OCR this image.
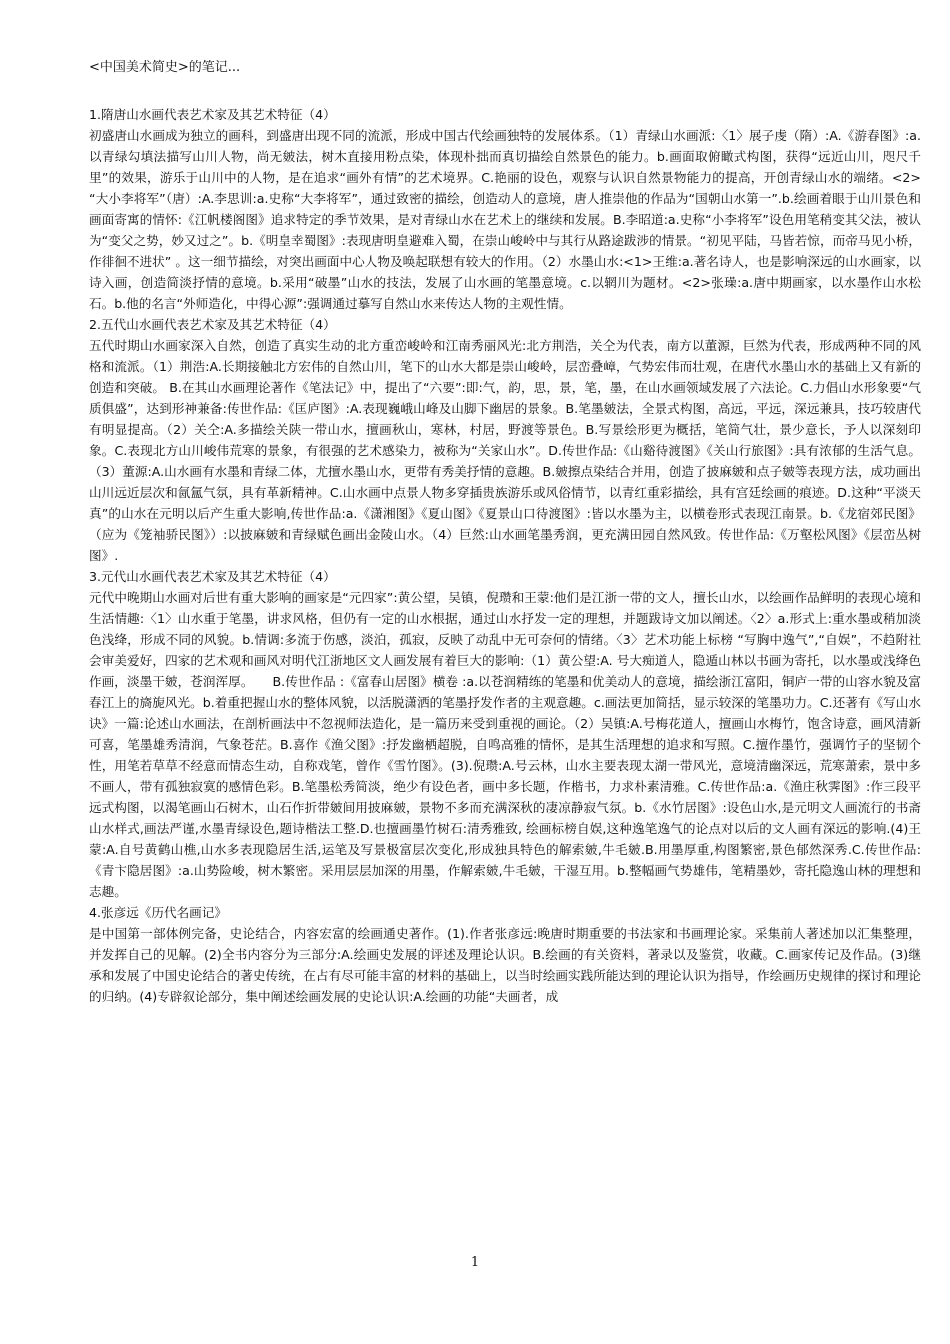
<中国美术简史>的笔记...
1.隋唐山水画代表艺术家及其艺术特征（4）
初盛唐山水画成为独立的画科，到盛唐出现不同的流派，形成中国古代绘画独特的发展体系。（1）青绿山水画派:〈1〉展子虔（隋）:A.《游春图》:a.以青绿勾填法描写山川人物，尚无皴法，树木直接用粉点染，体现朴拙而真切描绘自然景色的能力。b.画面取俯瞰式构图，获得“远近山川，咫尺千里”的效果，游乐于山川中的人物，是在追求“画外有情”的艺术境界。C.艳丽的设色，观察与认识自然景物能力的提高，开创青绿山水的端绪。<2> “大小李将军”（唐）:A.李思训:a.史称“大李将军”，通过致密的描绘，创造动人的意境，唐人推崇他的作品为“国朝山水第一”.b.绘画着眼于山川景色和画面寄寓的情怀:《江帆楼阁图》追求特定的季节效果，是对青绿山水在艺术上的继续和发展。B.李昭道:a.史称“小李将军”设色用笔稍变其父法，被认为“变父之势，妙又过之”。b.《明皇幸蜀图》:表现唐明皇避难入蜀，在崇山峻岭中与其行从路途跋涉的情景。“初见平陆，马皆若惊，而帝马见小桥，作徘徊不进状” 。这一细节描绘，对突出画面中心人物及唤起联想有较大的作用。（2）水墨山水:<1>王维:a.著名诗人，也是影响深远的山水画家，以诗入画，创造简淡抒情的意境。b.采用“破墨”山水的技法，发展了山水画的笔墨意境。c.以辋川为题材。<2>张璪:a.唐中期画家，以水墨作山水松石。b.他的名言“外师造化，中得心源”:强调通过摹写自然山水来传达人物的主观性情。
2.五代山水画代表艺术家及其艺术特征（4）
五代时期山水画家深入自然，创造了真实生动的北方重峦峻岭和江南秀丽风光:北方荆浩，关仝为代表，南方以董源，巨然为代表，形成两种不同的风格和流派。（1）荆浩:A.长期接触北方宏伟的自然山川，笔下的山水大都是崇山峻岭，层峦叠嶂，气势宏伟而壮观，在唐代水墨山水的基础上又有新的创造和突破。 B.在其山水画理论著作《笔法记》中，提出了“六要”:即:气，韵，思，景，笔，墨，在山水画领域发展了六法论。C.力倡山水形象要“气质俱盛”，达到形神兼备:传世作品:《匡庐图》:A.表现巍峨山峰及山脚下幽居的景象。B.笔墨皴法，全景式构图，高远，平远，深远兼具，技巧较唐代有明显提高。（2）关仝:A.多描绘关陕一带山水，擅画秋山，寒林，村居，野渡等景色。B.写景绘形更为概括，笔简气壮，景少意长，予人以深刻印象。C.表现北方山川峻伟荒寒的景象，有很强的艺术感染力，被称为“关家山水”。D.传世作品:《山谿待渡图》《关山行旅图》:具有浓郁的生活气息。（3）董源:A.山水画有水墨和青绿二体，尤擅水墨山水，更带有秀美抒情的意趣。B.皴擦点染结合并用，创造了披麻皴和点子皴等表现方法，成功画出山川远近层次和氤氲气氛，具有革新精神。C.山水画中点景人物多穿插贵族游乐或风俗情节，以青红重彩描绘，具有宫廷绘画的痕迹。D.这种“平淡天真”的山水在元明以后产生重大影响,传世作品:a.《潇湘图》《夏山图》《夏景山口待渡图》:皆以水墨为主，以横卷形式表现江南景。b.《龙宿郊民图》（应为《笼袖骄民图》）:以披麻皴和青绿赋色画出金陵山水。（4）巨然:山水画笔墨秀润，更充满田园自然风致。传世作品:《万壑松风图》《层峦丛树图》.
3.元代山水画代表艺术家及其艺术特征（4）
元代中晚期山水画对后世有重大影响的画家是“元四家”:黄公望，吴镇，倪瓒和王蒙:他们是江浙一带的文人，擅长山水，以绘画作品鲜明的表现心境和生活情趣:〈1〉山水重于笔墨，讲求风格，但仍有一定的山水根据，通过山水抒发一定的理想，并题跋诗文加以阐述。〈2〉a.形式上:重水墨或稍加淡色浅绛，形成不同的风貌。b.情调:多流于伤感，淡泊，孤寂，反映了动乱中无可奈何的情绪。〈3〉艺术功能上标榜 “写胸中逸气”,“自娱”，不趋附社会审美爱好，四家的艺术观和画风对明代江浙地区文人画发展有着巨大的影响:（1）黄公望:A. 号大痴道人，隐遁山林以书画为寄托，以水墨或浅绛色作画，淡墨干皴，苍润浑厚。　　B.传世作品 :《富春山居图》横卷 :a.以苍润精练的笔墨和优美动人的意境，描绘浙江富阳，铜庐一带的山容水貌及富春江上的旖旎风光。b.着重把握山水的整体风貌，以活脱潇洒的笔墨抒发作者的主观意趣。c.画法更加简括，显示较深的笔墨功力。C.还著有《写山水诀》一篇:论述山水画法，在剖析画法中不忽视师法造化，是一篇历来受到重视的画论。（2）吴镇:A.号梅花道人，擅画山水梅竹，饱含诗意，画风清新可喜，笔墨雄秀清润，气象苍茫。B.喜作《渔父图》:抒发幽栖超脱，自鸣高雅的情怀，是其生活理想的追求和写照。C.擅作墨竹，强调竹子的坚韧个性，用笔若草草不经意而情态生动，自称戏笔，曾作《雪竹图》。(3).倪瓒:A.号云林，山水主要表现太湖一带风光，意境清幽深远，荒寒萧索，景中多不画人，带有孤独寂寞的感情色彩。B.笔墨松秀简淡，绝少有设色者，画中多长题，作楷书，力求朴素清雅。C.传世作品:a.《渔庄秋霁图》:作三段平远式构图，以渴笔画山石树木，山石作折带皴间用披麻皴，景物不多而充满深秋的凄凉静寂气氛。b.《水竹居图》:设色山水,是元明文人画流行的书斋山水样式,画法严谨,水墨青绿设色,题诗楷法工整.D.也擅画墨竹树石:清秀雅致, 绘画标榜自娱,这种逸笔逸气的论点对以后的文人画有深远的影响.(4)王蒙:A.自号黄鹤山樵,山水多表现隐居生活,运笔及写景极富层次变化,形成独具特色的解索皴,牛毛皴.B.用墨厚重,构图繁密,景色郁然深秀.C.传世作品: 《青卞隐居图》:a.山势险峻，树木繁密。采用层层加深的用墨，作解索皴,牛毛皴，干湿互用。b.整幅画气势雄伟，笔精墨妙，寄托隐逸山林的理想和志趣。
4.张彦远《历代名画记》
是中国第一部体例完备，史论结合，内容宏富的绘画通史著作。(1).作者张彦远:晚唐时期重要的书法家和书画理论家。采集前人著述加以汇集整理，并发挥自己的见解。(2)全书内容分为三部分:A.绘画史发展的评述及理论认识。B.绘画的有关资料，著录以及鉴赏，收藏。C.画家传记及作品。(3)继承和发展了中国史论结合的著史传统，在占有尽可能丰富的材料的基础上，以当时绘画实践所能达到的理论认识为指导，作绘画历史规律的探讨和理论的归纳。(4)专辟叙论部分，集中阐述绘画发展的史论认识:A.绘画的功能“夫画者，成
1
